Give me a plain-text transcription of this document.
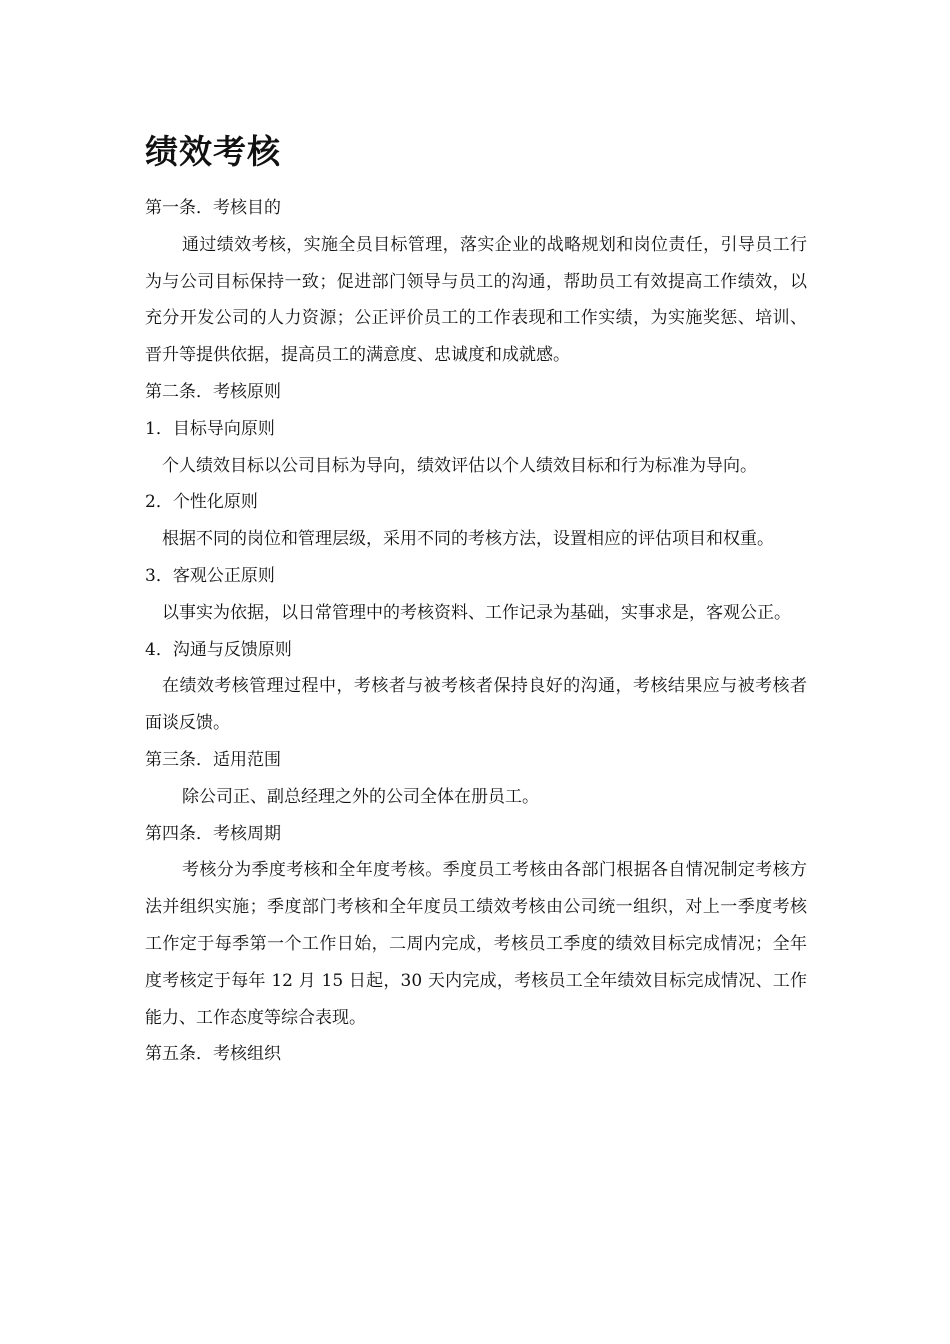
绩效考核

第一条．考核目的

通过绩效考核，实施全员目标管理，落实企业的战略规划和岗位责任，引导员工行为与公司目标保持一致；促进部门领导与员工的沟通，帮助员工有效提高工作绩效，以充分开发公司的人力资源；公正评价员工的工作表现和工作实绩，为实施奖惩、培训、晋升等提供依据，提高员工的满意度、忠诚度和成就感。

第二条．考核原则

1．目标导向原则

个人绩效目标以公司目标为导向，绩效评估以个人绩效目标和行为标准为导向。

2．个性化原则

根据不同的岗位和管理层级，采用不同的考核方法，设置相应的评估项目和权重。

3．客观公正原则

以事实为依据，以日常管理中的考核资料、工作记录为基础，实事求是，客观公正。

4．沟通与反馈原则

在绩效考核管理过程中，考核者与被考核者保持良好的沟通，考核结果应与被考核者面谈反馈。

第三条．适用范围

除公司正、副总经理之外的公司全体在册员工。

第四条．考核周期

考核分为季度考核和全年度考核。季度员工考核由各部门根据各自情况制定考核方法并组织实施；季度部门考核和全年度员工绩效考核由公司统一组织，对上一季度考核工作定于每季第一个工作日始，二周内完成，考核员工季度的绩效目标完成情况；全年度考核定于每年 12 月 15 日起，30 天内完成，考核员工全年绩效目标完成情况、工作能力、工作态度等综合表现。

第五条．考核组织
